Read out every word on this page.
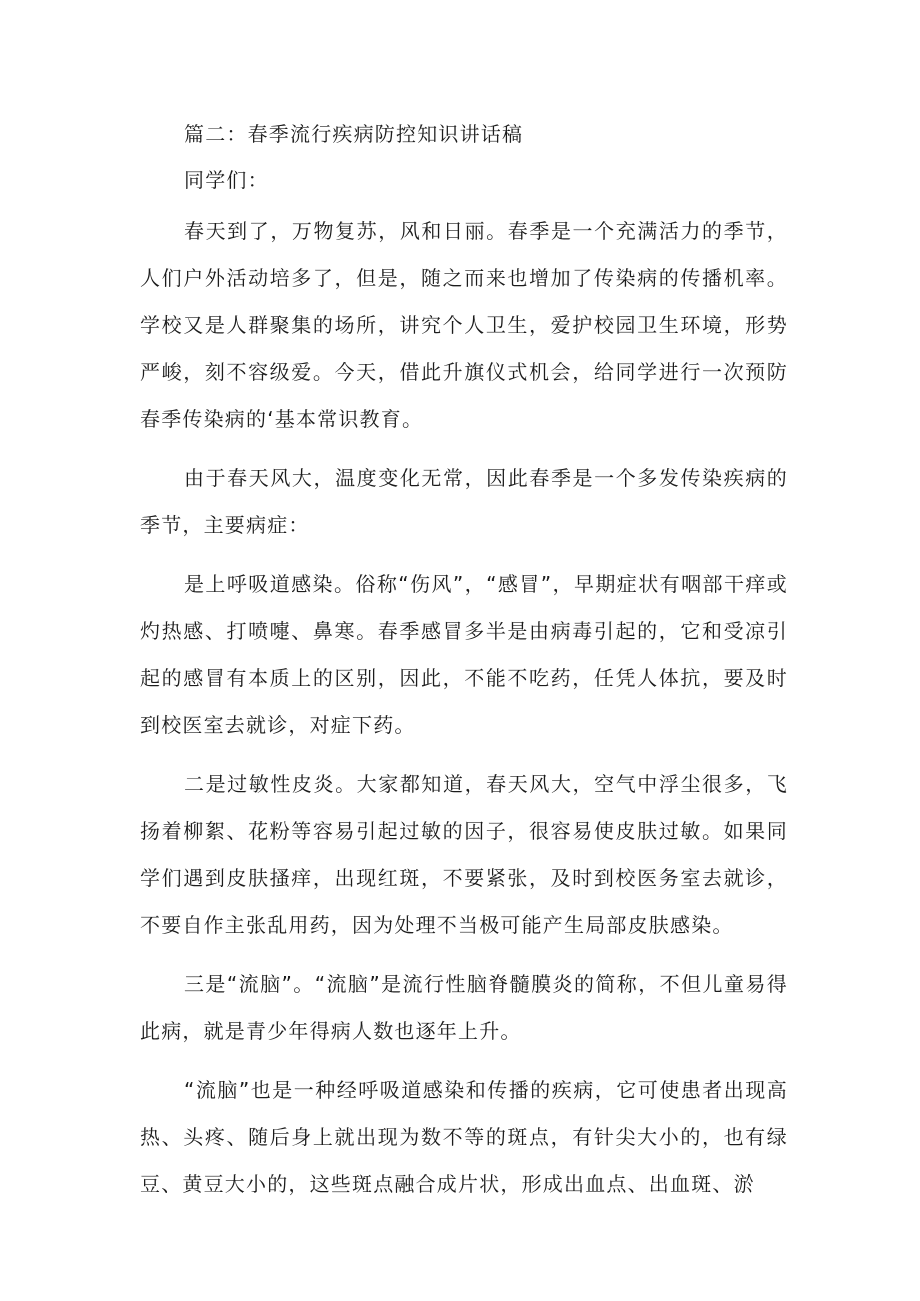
篇二：春季流行疾病防控知识讲话稿

同学们：

春天到了，万物复苏，风和日丽。春季是一个充满活力的季节，人们户外活动培多了，但是，随之而来也增加了传染病的传播机率。学校又是人群聚集的场所，讲究个人卫生，爱护校园卫生环境，形势严峻，刻不容级爱。今天，借此升旗仪式机会，给同学进行一次预防春季传染病的‘基本常识教育。

由于春天风大，温度变化无常，因此春季是一个多发传染疾病的季节，主要病症：

是上呼吸道感染。俗称“伤风”，“感冒”，早期症状有咽部干痒或灼热感、打喷嚏、鼻寒。春季感冒多半是由病毒引起的，它和受凉引起的感冒有本质上的区别，因此，不能不吃药，任凭人体抗，要及时到校医室去就诊，对症下药。

二是过敏性皮炎。大家都知道，春天风大，空气中浮尘很多，飞扬着柳絮、花粉等容易引起过敏的因子，很容易使皮肤过敏。如果同学们遇到皮肤搔痒，出现红斑，不要紧张，及时到校医务室去就诊，不要自作主张乱用药，因为处理不当极可能产生局部皮肤感染。

三是“流脑”。“流脑”是流行性脑脊髓膜炎的简称，不但儿童易得此病，就是青少年得病人数也逐年上升。

“流脑”也是一种经呼吸道感染和传播的疾病，它可使患者出现高热、头疼、随后身上就出现为数不等的斑点，有针尖大小的，也有绿豆、黄豆大小的，这些斑点融合成片状，形成出血点、出血斑、淤
